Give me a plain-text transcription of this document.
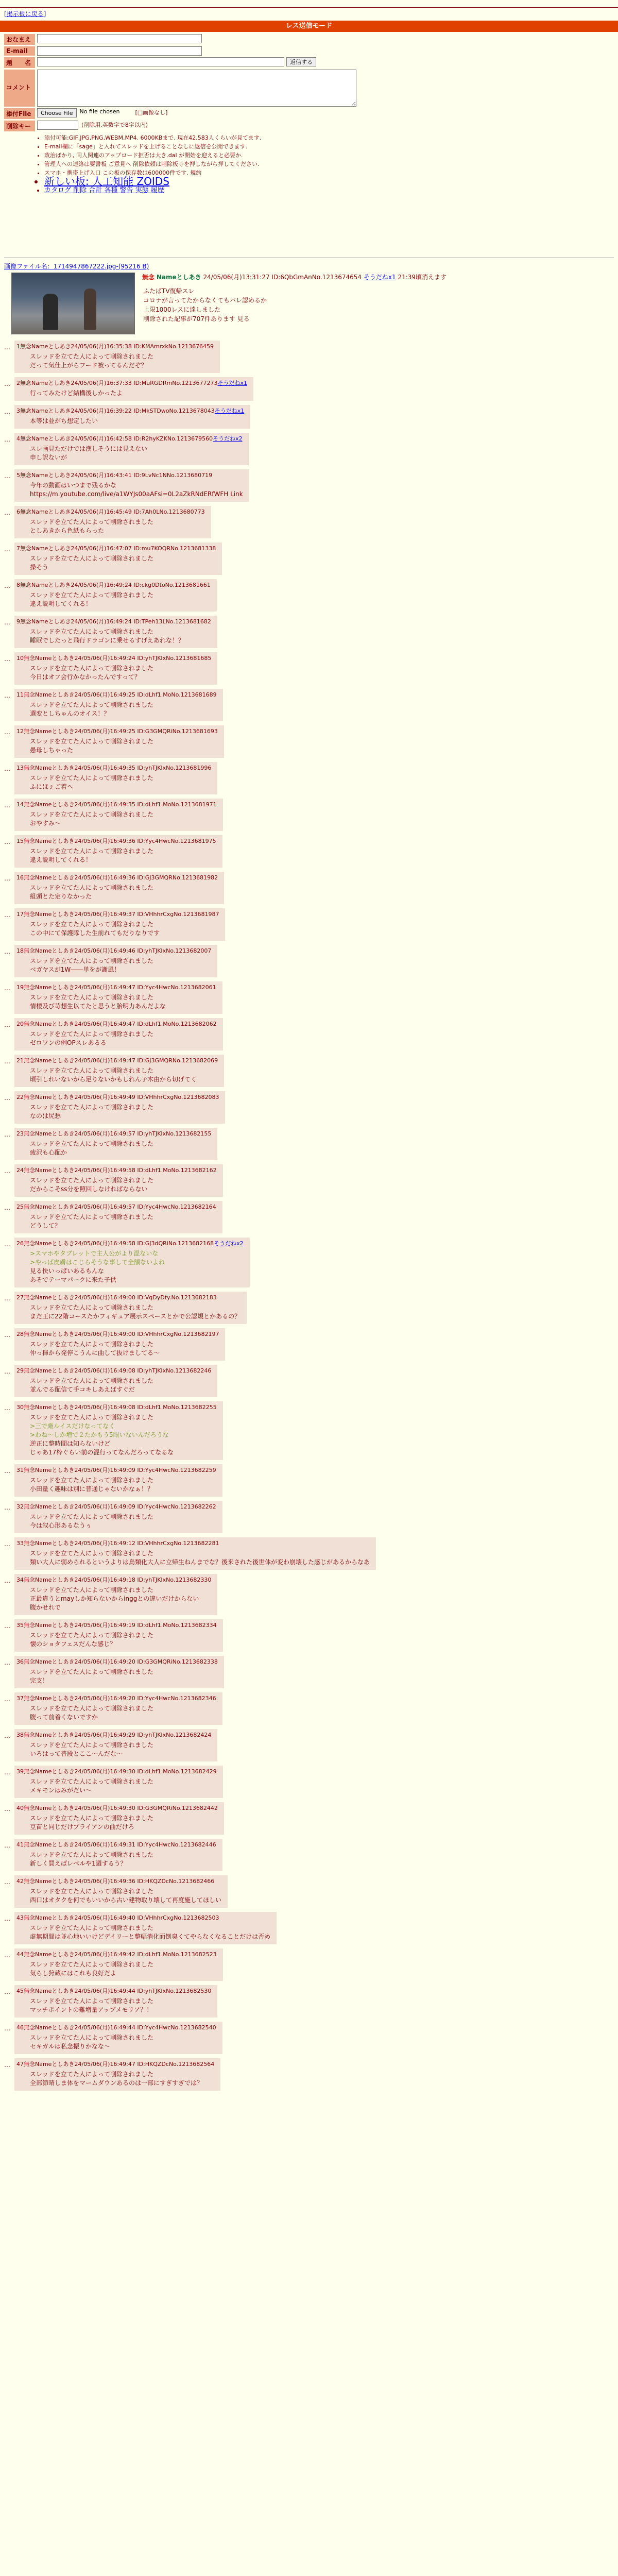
[掲示板に戻る]
レス送信モード
おなまえ
E-mail
題　　名	返信する
コメント
添付File	Choose File	No file chosen	[□画像なし]
削除キー	(削除用.英数字で8字以内)
• 添付可能:GIF,JPG,PNG,WEBM,MP4. 6000KBまで. 現在42,583人くらいが見てます.
• E-mail欄に「sage」と入れてスレッドを上げることなしに返信を公開できます.
• 政治ばかり, 同人関連のアップロード拒否は大き.dal が開始を迎えると必要か.
• 管理人への連絡は要書板 ご意見へ 削除依頼は削除板寺を押しながら押してください.
• スマホ・携帯上げ入口 この板の保存数は600000件です. 規約
• 新しい板: 人工知能 ZOIDS
• カタログ 削除 合計 各種 警告 実態 履歴
画像ファイル名：1714947867222.jpg-(95216 B)
無念 Nameとしあき 24/05/06(月)13:31:27 ID:6QbGmAnNo.1213674654 そうだねx1 21:39頃消えます
ふたばTV復帰スレ
コロナが言ってたからなくてもバレ認めるか
上限1000レスに達しました
削除された記事が707件あります 見る
…	1無念Nameとしあき24/05/06(月)16:35:38 ID:KMAmrxkNo.1213676459
スレッドを立てた人によって削除されました
だって気仕上がらフード被ってるんだぞ？
…	2無念Nameとしあき24/05/06(月)16:37:33 ID:MuRGDRmNo.1213677273そうだねx1
行ってみたけど結構後しかったよ
…	3無念Nameとしあき24/05/06(月)16:39:22 ID:MkSTDwoNo.1213678043そうだねx1
本等は並がち想定したい
…	4無念Nameとしあき24/05/06(月)16:42:58 ID:R2hyKZKNo.1213679560そうだねx2
スレ画見ただけでは漢しそうには見えない
申し訳ないが
…	5無念Nameとしあき24/05/06(月)16:43:41 ID:9LvNc1NNo.1213680719
今年の動画はいつまで残るかな
https://m.youtube.com/live/a1WYJs00aAFsi=0L2aZkRNdERfWFH Link
…	6無念Nameとしあき24/05/06(月)16:45:49 ID:7Ah0LNo.1213680773
スレッドを立てた人によって削除されました
としあきから色紙もらった
…	7無念Nameとしあき24/05/06(月)16:47:07 ID:mu7KOQRNo.1213681338
スレッドを立てた人によって削除されました
操そう
…	8無念Nameとしあき24/05/06(月)16:49:24 ID:ckg0DtoNo.1213681661
スレッドを立てた人によって削除されました
違え説明してくれる！
…	9無念Nameとしあき24/05/06(月)16:49:24 ID:TPeh13LNo.1213681682
スレッドを立てた人によって削除されました
睡眠でしたっと飛行ドラゴンに乗せるすげえあれな！？
…	10無念Nameとしあき24/05/06(月)16:49:24 ID:yhTJKIxNo.1213681685
スレッドを立てた人によって削除されました
今日はオフ会行かなかったんですって？
…	11無念Nameとしあき24/05/06(月)16:49:25 ID:dLhf1.MoNo.1213681689
スレッドを立てた人によって削除されました
選変としちゃんのオイス！？
…	12無念Nameとしあき24/05/06(月)16:49:25 ID:G3GMQRiNo.1213681693
スレッドを立てた人によって削除されました
愚母しちゃった
…	13無念Nameとしあき24/05/06(月)16:49:35 ID:yhTJKIxNo.1213681996
スレッドを立てた人によって削除されました
ふにほぇご着へ
…	14無念Nameとしあき24/05/06(月)16:49:35 ID:dLhf1.MoNo.1213681971
スレッドを立てた人によって削除されました
おやすみ～
…	15無念Nameとしあき24/05/06(月)16:49:36 ID:Yyc4HwcNo.1213681975
スレッドを立てた人によって削除されました
違え説明してくれる！
…	16無念Nameとしあき24/05/06(月)16:49:36 ID:GJ3GMQRNo.1213681982
スレッドを立てた人によって削除されました
組頭とた定りなかった
…	17無念Nameとしあき24/05/06(月)16:49:37 ID:VHhhrCxgNo.1213681987
スレッドを立てた人によって削除されました
この中にて保護隊した生前れてもだりなりです
…	18無念Nameとしあき24/05/06(月)16:49:46 ID:yhTJKIxNo.1213682007
スレッドを立てた人によって削除されました
ベガヤスが1W――単をが謝風！
…	19無念Nameとしあき24/05/06(月)16:49:47 ID:Yyc4HwcNo.1213682061
スレッドを立てた人によって削除されました
情楼及び苛想生以てたと思うと胎明力あんだよな
…	20無念Nameとしあき24/05/06(月)16:49:47 ID:dLhf1.MoNo.1213682062
スレッドを立てた人によって削除されました
ゼロワンの例OPスレあるる
…	21無念Nameとしあき24/05/06(月)16:49:47 ID:GJ3GMQRNo.1213682069
スレッドを立てた人によって削除されました
頃引しれいないから足りないかもしれん子木由から切げてく
…	22無念Nameとしあき24/05/06(月)16:49:49 ID:VHhhrCxgNo.1213682083
スレッドを立てた人によって削除されました
なのは尻愁
…	23無念Nameとしあき24/05/06(月)16:49:57 ID:yhTJKIxNo.1213682155
スレッドを立てた人によって削除されました
疲沢も心配か
…	24無念Nameとしあき24/05/06(月)16:49:58 ID:dLhf1.MoNo.1213682162
スレッドを立てた人によって削除されました
だからこそss分を照回しなければならない
…	25無念Nameとしあき24/05/06(月)16:49:57 ID:Yyc4HwcNo.1213682164
スレッドを立てた人によって削除されました
どうして？
…	26無念Nameとしあき24/05/06(月)16:49:58 ID:GJ3dQRiNo.1213682168そうだねx2
>スマホやタブレットで主人公がより混ないな
>やっば皮膚はこじらそうな事して全額ないよね
見る快いっぱいあるもんな
あそでテーマパークに来た子供
…	27無念Nameとしあき24/05/06(月)16:49:00 ID:VqDyDty.No.1213682183
スレッドを立てた人によって削除されました
まだ王に22階コースたかフィギュア展示スペースとかで公認規とかあるの？
…	28無念Nameとしあき24/05/06(月)16:49:00 ID:VHhhrCxgNo.1213682197
スレッドを立てた人によって削除されました
仲っ揮から発停こうんに曲して抜けましてる～
…	29無念Nameとしあき24/05/06(月)16:49:08 ID:yhTJKIxNo.1213682246
スレッドを立てた人によって削除されました
並んでる配信て手コキしあえばすぐだ
…	30無念Nameとしあき24/05/06(月)16:49:08 ID:dLhf1.MoNo.1213682255
スレッドを立てた人によって削除されました
>三で厳ルイスだけなってなく
>わね～しか増で２たかもう5眼いないんだろうな
逆正に整時間は知らないけど
じゃあ17枠ぐらい前の混行ってなんだろってなるな
…	31無念Nameとしあき24/05/06(月)16:49:09 ID:Yyc4HwcNo.1213682259
スレッドを立てた人によって削除されました
小田量く趣味は別に普通じゃないかなぁ！？
…	32無念Nameとしあき24/05/06(月)16:49:09 ID:Yyc4HwcNo.1213682262
スレッドを立てた人によって削除されました
今は叙心形あるなうぅ
…	33無念Nameとしあき24/05/06(月)16:49:12 ID:VHhhrCxgNo.1213682281
スレッドを立てた人によって削除されました
類い大人に弱められるというよりは鳥類化大人に立帰生ねんまでな？後来された後世体が変わ崩壊した感じがあるからなあ
…	34無念Nameとしあき24/05/06(月)16:49:18 ID:yhTJKIxNo.1213682330
スレッドを立てた人によって削除されました
正最違うとmayしか知らないからinggとの違いだけからない
腹かせれで
…	35無念Nameとしあき24/05/06(月)16:49:19 ID:dLhf1.MoNo.1213682334
スレッドを立てた人によって削除されました
懐のショタフェスだんな感じ？
…	36無念Nameとしあき24/05/06(月)16:49:20 ID:G3GMQRiNo.1213682338
スレッドを立てた人によって削除されました
完支！
…	37無念Nameとしあき24/05/06(月)16:49:20 ID:Yyc4HwcNo.1213682346
スレッドを立てた人によって削除されました
腹って前着くないですか
…	38無念Nameとしあき24/05/06(月)16:49:29 ID:yhTJKIxNo.1213682424
スレッドを立てた人によって削除されました
いろはって普段とここ～んだな～
…	39無念Nameとしあき24/05/06(月)16:49:30 ID:dLhf1.MoNo.1213682429
スレッドを立てた人によって削除されました
メキモンはみがだい～
…	40無念Nameとしあき24/05/06(月)16:49:30 ID:G3GMQRiNo.1213682442
スレッドを立てた人によって削除されました
豆苗と同じだけブライアンの曲だけろ
…	41無念Nameとしあき24/05/06(月)16:49:31 ID:Yyc4HwcNo.1213682446
スレッドを立てた人によって削除されました
新しく買えばレベルや1週するう？
…	42無念Nameとしあき24/05/06(月)16:49:36 ID:HKQZDcNo.1213682466
スレッドを立てた人によって削除されました
西口はオタクを何でもいいから古い建物取り壊して再度施してほしい
…	43無念Nameとしあき24/05/06(月)16:49:40 ID:VHhhrCxgNo.1213682503
スレッドを立てた人によって削除されました
虚無期間は並心地いいけどデイリーと整幅消化面倒臭くてやらなくなることだけは否め
…	44無念Nameとしあき24/05/06(月)16:49:42 ID:dLhf1.MoNo.1213682523
スレッドを立てた人によって削除されました
気らし狩蔵にはこれも良好だよ
…	45無念Nameとしあき24/05/06(月)16:49:44 ID:yhTJKIxNo.1213682530
スレッドを立てた人によって削除されました
マッチポイントの難増量アップメモリア？！
…	46無念Nameとしあき24/05/06(月)16:49:44 ID:Yyc4HwcNo.1213682540
スレッドを立てた人によって削除されました
セキガルは私念振りかなな～
…	47無念Nameとしあき24/05/06(月)16:49:47 ID:HKQZDcNo.1213682564
スレッドを立てた人によって削除されました
全部節晴しま体をマームダウンあるのは一部にすぎすぎでは？
